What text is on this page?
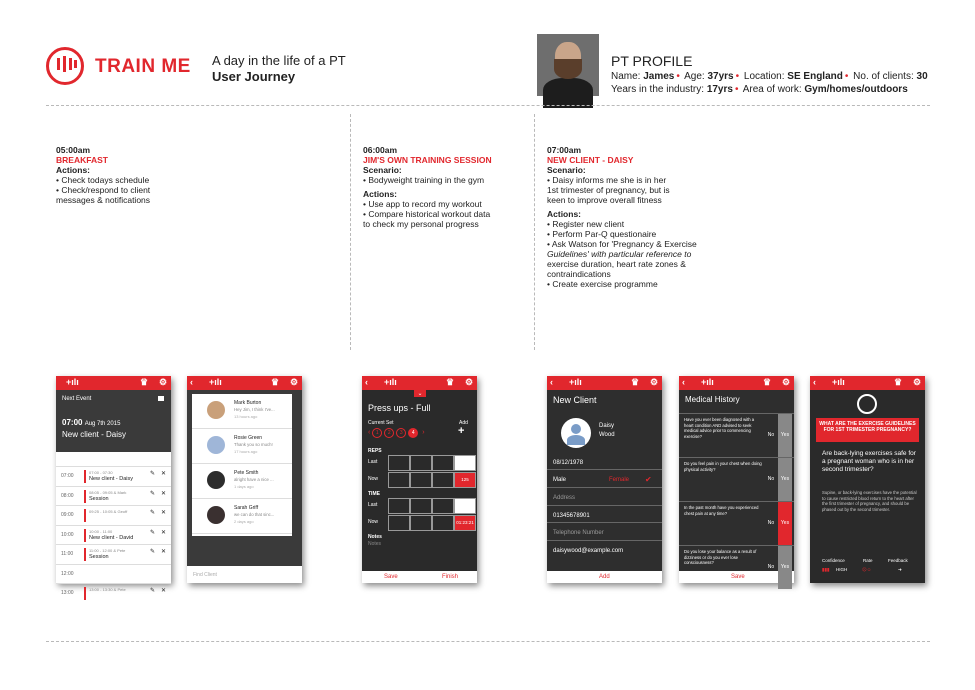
TRAIN ME A day in the life of a PT
User Journey
PT PROFILE
Name: James • Age: 37yrs • Location: SE England • No. of clients: 30
Years in the industry: 17yrs • Area of work: Gym/homes/outdoors

05:00am

BREAKFAST

Actions:

• Check todays schedule

• Check/respond to client

messages & notifications

06:00am

JIM'S OWN TRAINING SESSION

Scenario:

• Bodyweight training in the gym

Actions:

• Use app to record my workout

• Compare historical workout data

to check my personal progress

07:00am

NEW CLIENT - DAISY

Scenario:

• Daisy informs me she is in her

1st trimester of pregnancy, but is

keen to improve overall fitness

Actions:

• Register new client

• Perform Par-Q questionaire

• Ask Watson for 'Pregnancy & Exercise

Guidelines' with particular reference to

exercise duration, heart rate zones &

contraindications

• Create exercise programme

+ılı	♛ ⚙
Next Event
07:00 Aug 7th 2015
New client - Daisy
07:00
07:00 - 07:30
New client - Daisy
✎ ✕
08:00
08:05 - 09:05 & Mark
Session
✎ ✕
09:00
09:25 - 10:05 & Geoff	✎ ✕
10:00
10:00 - 11:00
New client - David
✎ ✕
11:00
11:00 - 12:00 & Pete
Session
✎ ✕
12:00
13:00
13:00 - 13:30 & Pete	✎ ✕
‹ +ılı	♛ ⚙
Mark Burton
Hey Jim, I think I've...
13 hours ago
Rosie Green
Thank you so much!
17 hours ago
Pete Smith
alright have a nice ...
1 days ago
Sarah Griff
we can do that sinc...
2 days ago
Find Client
‹ +ılı	♛ ⚙
⌄
Press ups - Full
Current Set	Add
+
‹ 1 2 3 4 ›
REPS
TIME
Notes
Notes
Save	Finish
Last
Now	125
Last
Now	01:23:21
‹ +ılı	♛ ⚙
New Client
Daisy
Wood
08/12/1978
Male	Female ✔
Address
01345678901
Telephone Number
daisywood@example.com
Add
‹ +ılı	♛ ⚙
Medical History
Save
Have you ever been diagnosed with a heart condition AND advised to seek medical advice prior to commencing exercise?	No	Yes
Do you feel pain in your chest when doing physical activity?
No	Yes
In the past month have you experienced chest pain at any time?
No	Yes
Do you lose your balance as a result of dizziness or do you ever lose consciousness?
No	Yes
‹ +ılı	♛ ⚙
WHAT ARE THE EXERCISE GUIDELINES FOR 1ST TRIMESTER PREGNANCY?
Are back-lying exercises safe for a pregnant woman who is in her second trimester?
Supine, or back-lying exercises have the potential to cause restricted blood return to the heart after the first trimester of pregnancy, and should be phased out by the second trimester.
Confidence	Rate	Feedback
▮▮▮ HIGH	☹☺	➜
